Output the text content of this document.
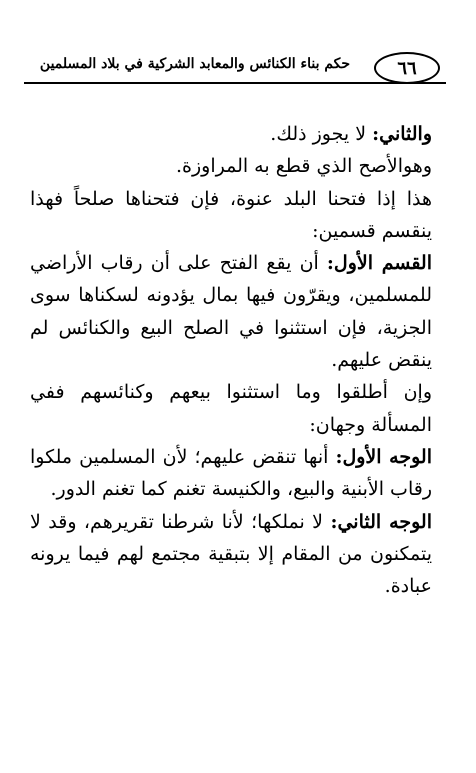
٦٦
حكم بناء الكنائس والمعابد الشركية في بلاد المسلمين

والثاني: لا يجوز ذلك.

وهوالأصح الذي قطع به المراوزة.

هذا إذا فتحنا البلد عنوة، فإن فتحناها صلحاً فهذا ينقسم قسمين:

القسم الأول: أن يقع الفتح على أن رقاب الأراضي للمسلمين، ويقرّون فيها بمال يؤدونه لسكناها سوى الجزية، فإن استثنوا في الصلح البيع والكنائس لم ينقض عليهم.

وإن أطلقوا وما استثنوا بيعهم وكنائسهم ففي المسألة وجهان:

الوجه الأول: أنها تنقض عليهم؛ لأن المسلمين ملكوا رقاب الأبنية والبيع، والكنيسة تغنم كما تغنم الدور.

الوجه الثاني: لا نملكها؛ لأنا شرطنا تقريرهم، وقد لا يتمكنون من المقام إلا بتبقية مجتمع لهم فيما يرونه عبادة.
